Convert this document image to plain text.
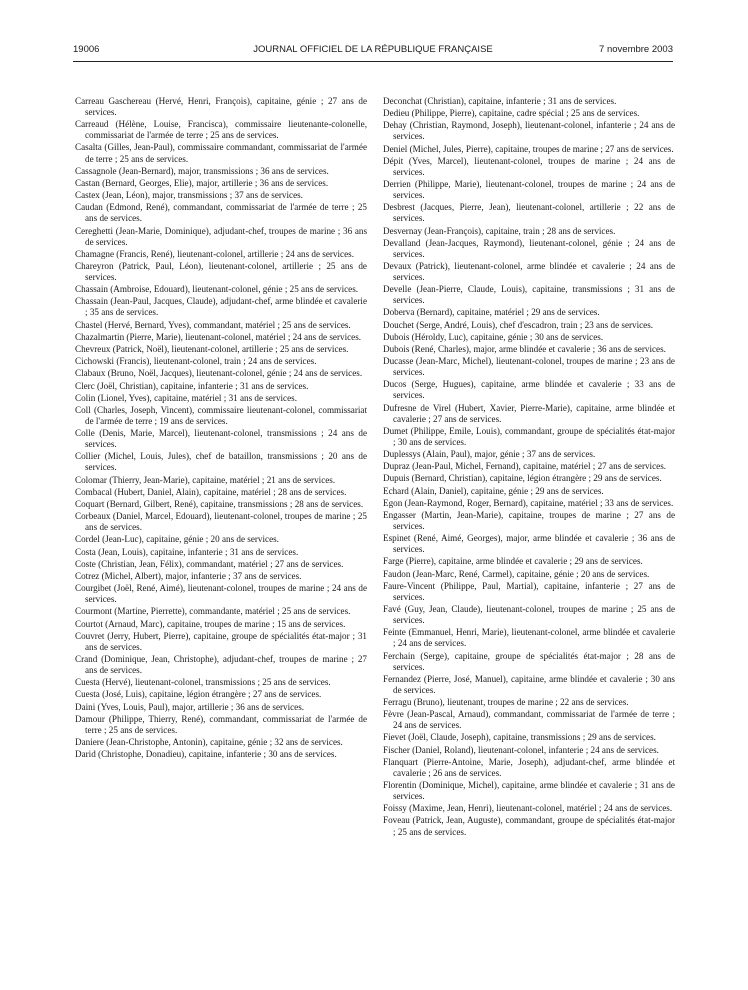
19006	JOURNAL OFFICIEL DE LA RÉPUBLIQUE FRANÇAISE	7 novembre 2003

Carreau Gaschereau (Hervé, Henri, François), capitaine, génie ; 27 ans de services.

Carreaud (Hélène, Louise, Francisca), commissaire lieutenante-colonelle, commissariat de l'armée de terre ; 25 ans de services.

Casalta (Gilles, Jean-Paul), commissaire commandant, commissariat de l'armée de terre ; 25 ans de services.

Cassagnole (Jean-Bernard), major, transmissions ; 36 ans de services.

Castan (Bernard, Georges, Elie), major, artillerie ; 36 ans de services.

Castex (Jean, Léon), major, transmissions ; 37 ans de services.

Caudan (Edmond, René), commandant, commissariat de l'armée de terre ; 25 ans de services.

Cereghetti (Jean-Marie, Dominique), adjudant-chef, troupes de marine ; 36 ans de services.

Chamagne (Francis, René), lieutenant-colonel, artillerie ; 24 ans de services.

Chareyron (Patrick, Paul, Léon), lieutenant-colonel, artillerie ; 25 ans de services.

Chassain (Ambroise, Edouard), lieutenant-colonel, génie ; 25 ans de services.

Chassain (Jean-Paul, Jacques, Claude), adjudant-chef, arme blindée et cavalerie ; 35 ans de services.

Chastel (Hervé, Bernard, Yves), commandant, matériel ; 25 ans de services.

Chazalmartin (Pierre, Marie), lieutenant-colonel, matériel ; 24 ans de services.

Chevreux (Patrick, Noël), lieutenant-colonel, artillerie ; 25 ans de services.

Cichowski (Francis), lieutenant-colonel, train ; 24 ans de services.

Clabaux (Bruno, Noël, Jacques), lieutenant-colonel, génie ; 24 ans de services.

Clerc (Joël, Christian), capitaine, infanterie ; 31 ans de services.

Colin (Lionel, Yves), capitaine, matériel ; 31 ans de services.

Coll (Charles, Joseph, Vincent), commissaire lieutenant-colonel, commissariat de l'armée de terre ; 19 ans de services.

Colle (Denis, Marie, Marcel), lieutenant-colonel, transmissions ; 24 ans de services.

Collier (Michel, Louis, Jules), chef de bataillon, transmissions ; 20 ans de services.

Colomar (Thierry, Jean-Marie), capitaine, matériel ; 21 ans de services.

Combacal (Hubert, Daniel, Alain), capitaine, matériel ; 28 ans de services.

Coquart (Bernard, Gilbert, René), capitaine, transmissions ; 28 ans de services.

Corbeaux (Daniel, Marcel, Edouard), lieutenant-colonel, troupes de marine ; 25 ans de services.

Cordel (Jean-Luc), capitaine, génie ; 20 ans de services.

Costa (Jean, Louis), capitaine, infanterie ; 31 ans de services.

Coste (Christian, Jean, Félix), commandant, matériel ; 27 ans de services.

Cotrez (Michel, Albert), major, infanterie ; 37 ans de services.

Courgibet (Joël, René, Aimé), lieutenant-colonel, troupes de marine ; 24 ans de services.

Courmont (Martine, Pierrette), commandante, matériel ; 25 ans de services.

Courtot (Arnaud, Marc), capitaine, troupes de marine ; 15 ans de services.

Couvret (Jerry, Hubert, Pierre), capitaine, groupe de spécialités état-major ; 31 ans de services.

Crand (Dominique, Jean, Christophe), adjudant-chef, troupes de marine ; 27 ans de services.

Cuesta (Hervé), lieutenant-colonel, transmissions ; 25 ans de services.

Cuesta (José, Luis), capitaine, légion étrangère ; 27 ans de services.

Daini (Yves, Louis, Paul), major, artillerie ; 36 ans de services.

Damour (Philippe, Thierry, René), commandant, commissariat de l'armée de terre ; 25 ans de services.

Daniere (Jean-Christophe, Antonin), capitaine, génie ; 32 ans de services.

Darid (Christophe, Donadieu), capitaine, infanterie ; 30 ans de services.

Deconchat (Christian), capitaine, infanterie ; 31 ans de services.

Dedieu (Philippe, Pierre), capitaine, cadre spécial ; 25 ans de services.

Dehay (Christian, Raymond, Joseph), lieutenant-colonel, infanterie ; 24 ans de services.

Deniel (Michel, Jules, Pierre), capitaine, troupes de marine ; 27 ans de services.

Dépit (Yves, Marcel), lieutenant-colonel, troupes de marine ; 24 ans de services.

Derrien (Philippe, Marie), lieutenant-colonel, troupes de marine ; 24 ans de services.

Desbrest (Jacques, Pierre, Jean), lieutenant-colonel, artillerie ; 22 ans de services.

Desvernay (Jean-François), capitaine, train ; 28 ans de services.

Devalland (Jean-Jacques, Raymond), lieutenant-colonel, génie ; 24 ans de services.

Devaux (Patrick), lieutenant-colonel, arme blindée et cavalerie ; 24 ans de services.

Develle (Jean-Pierre, Claude, Louis), capitaine, transmissions ; 31 ans de services.

Doberva (Bernard), capitaine, matériel ; 29 ans de services.

Douchet (Serge, André, Louis), chef d'escadron, train ; 23 ans de services.

Dubois (Héroldy, Luc), capitaine, génie ; 30 ans de services.

Dubois (René, Charles), major, arme blindée et cavalerie ; 36 ans de services.

Ducasse (Jean-Marc, Michel), lieutenant-colonel, troupes de marine ; 23 ans de services.

Ducos (Serge, Hugues), capitaine, arme blindée et cavalerie ; 33 ans de services.

Dufresne de Virel (Hubert, Xavier, Pierre-Marie), capitaine, arme blindée et cavalerie ; 27 ans de services.

Dumet (Philippe, Emile, Louis), commandant, groupe de spécialités état-major ; 30 ans de services.

Duplessys (Alain, Paul), major, génie ; 37 ans de services.

Dupraz (Jean-Paul, Michel, Fernand), capitaine, matériel ; 27 ans de services.

Dupuis (Bernard, Christian), capitaine, légion étrangère ; 29 ans de services.

Echard (Alain, Daniel), capitaine, génie ; 29 ans de services.

Egon (Jean-Raymond, Roger, Bernard), capitaine, matériel ; 33 ans de services.

Engasser (Martin, Jean-Marie), capitaine, troupes de marine ; 27 ans de services.

Espinet (René, Aimé, Georges), major, arme blindée et cavalerie ; 36 ans de services.

Farge (Pierre), capitaine, arme blindée et cavalerie ; 29 ans de services.

Faudon (Jean-Marc, René, Carmel), capitaine, génie ; 20 ans de services.

Faure-Vincent (Philippe, Paul, Martial), capitaine, infanterie ; 27 ans de services.

Favé (Guy, Jean, Claude), lieutenant-colonel, troupes de marine ; 25 ans de services.

Feinte (Emmanuel, Henri, Marie), lieutenant-colonel, arme blindée et cavalerie ; 24 ans de services.

Ferchain (Serge), capitaine, groupe de spécialités état-major ; 28 ans de services.

Fernandez (Pierre, José, Manuel), capitaine, arme blindée et cavalerie ; 30 ans de services.

Ferragu (Bruno), lieutenant, troupes de marine ; 22 ans de services.

Fèvre (Jean-Pascal, Arnaud), commandant, commissariat de l'armée de terre ; 24 ans de services.

Fievet (Joël, Claude, Joseph), capitaine, transmissions ; 29 ans de services.

Fischer (Daniel, Roland), lieutenant-colonel, infanterie ; 24 ans de services.

Flanquart (Pierre-Antoine, Marie, Joseph), adjudant-chef, arme blindée et cavalerie ; 26 ans de services.

Florentin (Dominique, Michel), capitaine, arme blindée et cavalerie ; 31 ans de services.

Foissy (Maxime, Jean, Henri), lieutenant-colonel, matériel ; 24 ans de services.

Foveau (Patrick, Jean, Auguste), commandant, groupe de spécialités état-major ; 25 ans de services.
